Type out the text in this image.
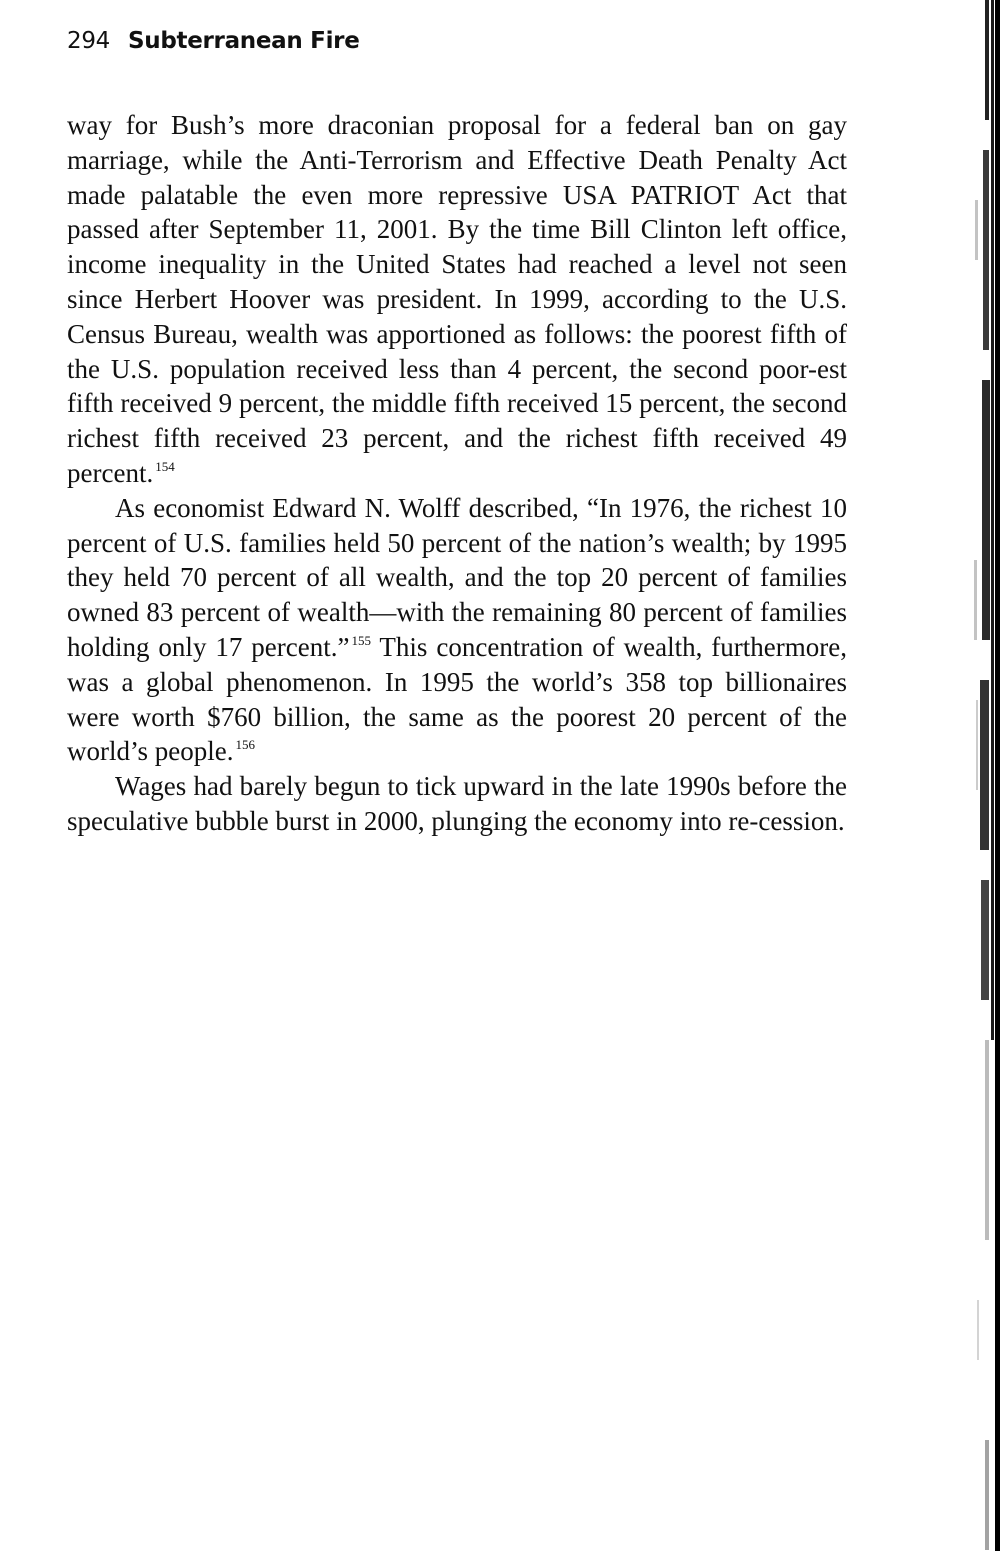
294 Subterranean Fire

way for Bush’s more draconian proposal for a federal ban on gay marriage, while the Anti-Terrorism and Effective Death Penalty Act made palatable the even more repressive USA PATRIOT Act that passed after September 11, 2001. By the time Bill Clinton left office, income inequality in the United States had reached a level not seen since Herbert Hoover was president. In 1999, according to the U.S. Census Bureau, wealth was apportioned as follows: the poorest fifth of the U.S. population received less than 4 percent, the second poor-est fifth received 9 percent, the middle fifth received 15 percent, the second richest fifth received 23 percent, and the richest fifth received 49 percent. $^{154}$

As economist Edward N. Wolff described, “In 1976, the richest 10 percent of U.S. families held 50 percent of the nation’s wealth; by 1995 they held 70 percent of all wealth, and the top 20 percent of families owned 83 percent of wealth—with the remaining 80 percent of families holding only 17 percent.” $^{155}$ This concentration of wealth, furthermore, was a global phenomenon. In 1995 the world’s 358 top billionaires were worth $760 billion, the same as the poorest 20 percent of the world’s people. $^{156}$

Wages had barely begun to tick upward in the late 1990s before the speculative bubble burst in 2000, plunging the economy into re-cession.
